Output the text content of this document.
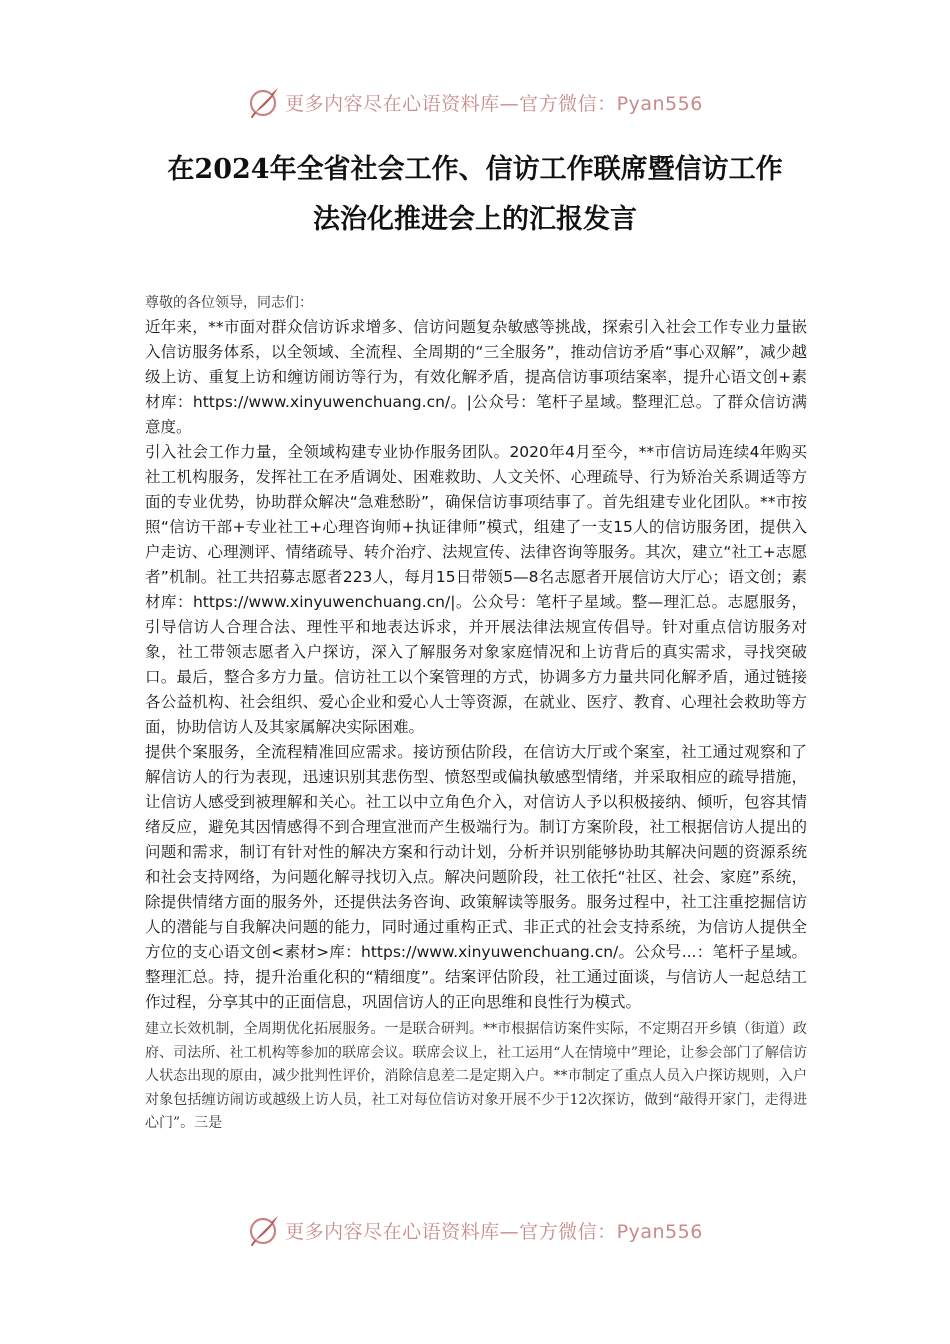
更多内容尽在心语资料库—官方微信：Pyan556
在2024年全省社会工作、信访工作联席暨信访工作
法治化推进会上的汇报发言

尊敬的各位领导，同志们：

近年来，**市面对群众信访诉求增多、信访问题复杂敏感等挑战，探索引入社会工作专业力量嵌入信访服务体系，以全领域、全流程、全周期的“三全服务”，推动信访矛盾“事心双解”，减少越级上访、重复上访和缠访闹访等行为，有效化解矛盾，提高信访事项结案率，提升心语文创+素材库：https://www.xinyuwenchuang.cn/。|公众号：笔杆子星域。整理汇总。了群众信访满意度。

引入社会工作力量，全领域构建专业协作服务团队。2020年4月至今，**市信访局连续4年购买社工机构服务，发挥社工在矛盾调处、困难救助、人文关怀、心理疏导、行为矫治关系调适等方面的专业优势，协助群众解决“急难愁盼”，确保信访事项结事了。首先组建专业化团队。**市按照“信访干部+专业社工+心理咨询师+执证律师”模式，组建了一支15人的信访服务团，提供入户走访、心理测评、情绪疏导、转介治疗、法规宣传、法律咨询等服务。其次，建立“社工+志愿者”机制。社工共招募志愿者223人，每月15日带领5—8名志愿者开展信访大厅心；语文创；素材库：https://www.xinyuwenchuang.cn/|。公众号：笔杆子星域。整—理汇总。志愿服务，引导信访人合理合法、理性平和地表达诉求，并开展法律法规宣传倡导。针对重点信访服务对象，社工带领志愿者入户探访，深入了解服务对象家庭情况和上访背后的真实需求，寻找突破口。最后，整合多方力量。信访社工以个案管理的方式，协调多方力量共同化解矛盾，通过链接各公益机构、社会组织、爱心企业和爱心人士等资源，在就业、医疗、教育、心理社会救助等方面，协助信访人及其家属解决实际困难。

提供个案服务，全流程精准回应需求。接访预估阶段，在信访大厅或个案室，社工通过观察和了解信访人的行为表现，迅速识别其悲伤型、愤怒型或偏执敏感型情绪，并采取相应的疏导措施，让信访人感受到被理解和关心。社工以中立角色介入，对信访人予以积极接纳、倾听，包容其情绪反应，避免其因情感得不到合理宣泄而产生极端行为。制订方案阶段，社工根据信访人提出的问题和需求，制订有针对性的解决方案和行动计划，分析并识别能够协助其解决问题的资源系统和社会支持网络，为问题化解寻找切入点。解决问题阶段，社工依托“社区、社会、家庭”系统，除提供情绪方面的服务外，还提供法务咨询、政策解读等服务。服务过程中，社工注重挖掘信访人的潜能与自我解决问题的能力，同时通过重构正式、非正式的社会支持系统，为信访人提供全方位的支心语文创<素材>库：https://www.xinyuwenchuang.cn/。公众号...：笔杆子星域。整理汇总。持，提升治重化积的“精细度”。结案评估阶段，社工通过面谈，与信访人一起总结工作过程，分享其中的正面信息，巩固信访人的正向思维和良性行为模式。

建立长效机制，全周期优化拓展服务。一是联合研判。**市根据信访案件实际，不定期召开乡镇（街道）政府、司法所、社工机构等参加的联席会议。联席会议上，社工运用“人在情境中”理论，让参会部门了解信访人状态出现的原由，减少批判性评价，消除信息差二是定期入户。**市制定了重点人员入户探访规则，入户对象包括缠访闹访或越级上访人员，社工对每位信访对象开展不少于12次探访，做到“敲得开家门，走得进心门”。三是

更多内容尽在心语资料库—官方微信：Pyan556
